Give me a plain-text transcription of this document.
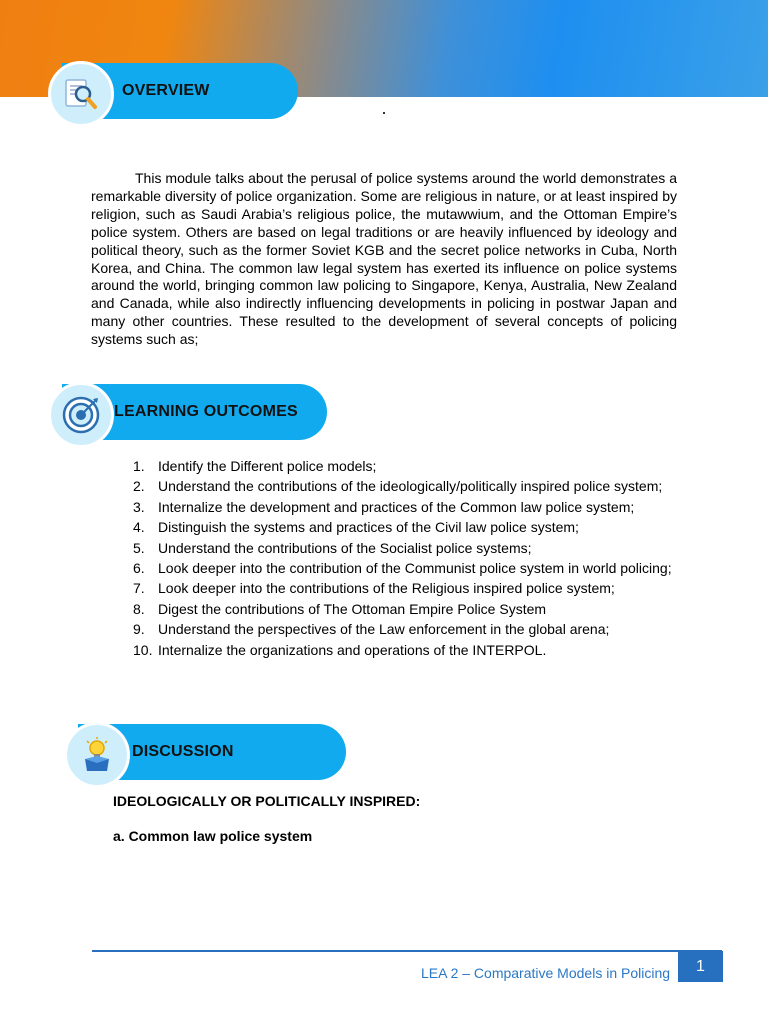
OVERVIEW

This module talks about the perusal of police systems around the world demonstrates a remarkable diversity of police organization. Some are religious in nature, or at least inspired by religion, such as Saudi Arabia’s religious police, the mutawwium, and the Ottoman Empire’s police system. Others are based on legal traditions or are heavily influenced by ideology and political theory, such as the former Soviet KGB and the secret police networks in Cuba, North Korea, and China. The common law legal system has exerted its influence on police systems around the world, bringing common law policing to Singapore, Kenya, Australia, New Zealand and Canada, while also indirectly influencing developments in policing in postwar Japan and many other countries. These resulted to the development of several concepts of policing systems such as;

LEARNING OUTCOMES
1. Identify the Different police models;
2. Understand the contributions of the ideologically/politically inspired police system;
3. Internalize the development and practices of the Common law police system;
4. Distinguish the systems and practices of the Civil law police system;
5. Understand the contributions of the Socialist police systems;
6. Look deeper into the contribution of the Communist police system in world policing;
7. Look deeper into the contributions of the Religious inspired police system;
8. Digest the contributions of The Ottoman Empire Police System
9. Understand the perspectives of the Law enforcement in the global arena;
10. Internalize the organizations and operations of the INTERPOL.
DISCUSSION
IDEOLOGICALLY OR POLITICALLY INSPIRED:
a. Common law police system
LEA 2 – Comparative Models in Policing	1
